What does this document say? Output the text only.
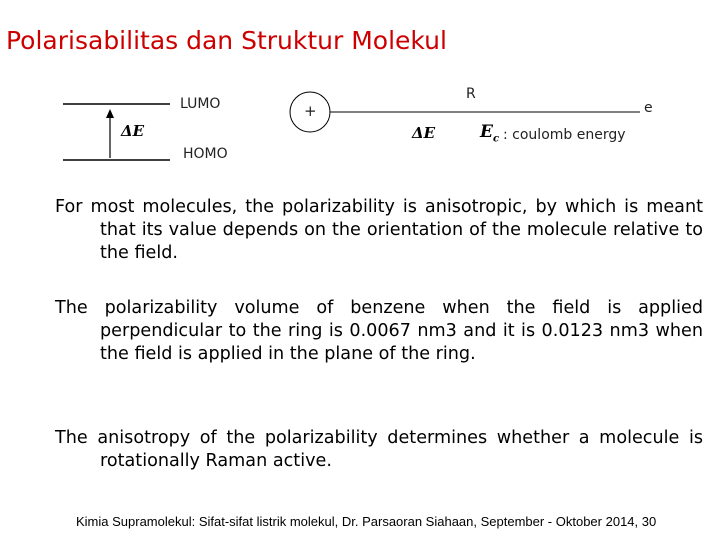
Polarisabilitas dan Struktur Molekul
LUMO
HOMO
ΔE
+
R
e
ΔE	$E_c$ : coulomb energy
For most molecules, the polarizability is anisotropic, by which is meant that its value depends on the orientation of the molecule relative to the field.
The polarizability volume of benzene when the field is applied perpendicular to the ring is 0.0067 nm3 and it is 0.0123 nm3 when the field is applied in the plane of the ring.
The anisotropy of the polarizability determines whether a molecule is rotationally Raman active.
Kimia Supramolekul: Sifat-sifat listrik molekul, Dr. Parsaoran Siahaan, September - Oktober 2014, 30
